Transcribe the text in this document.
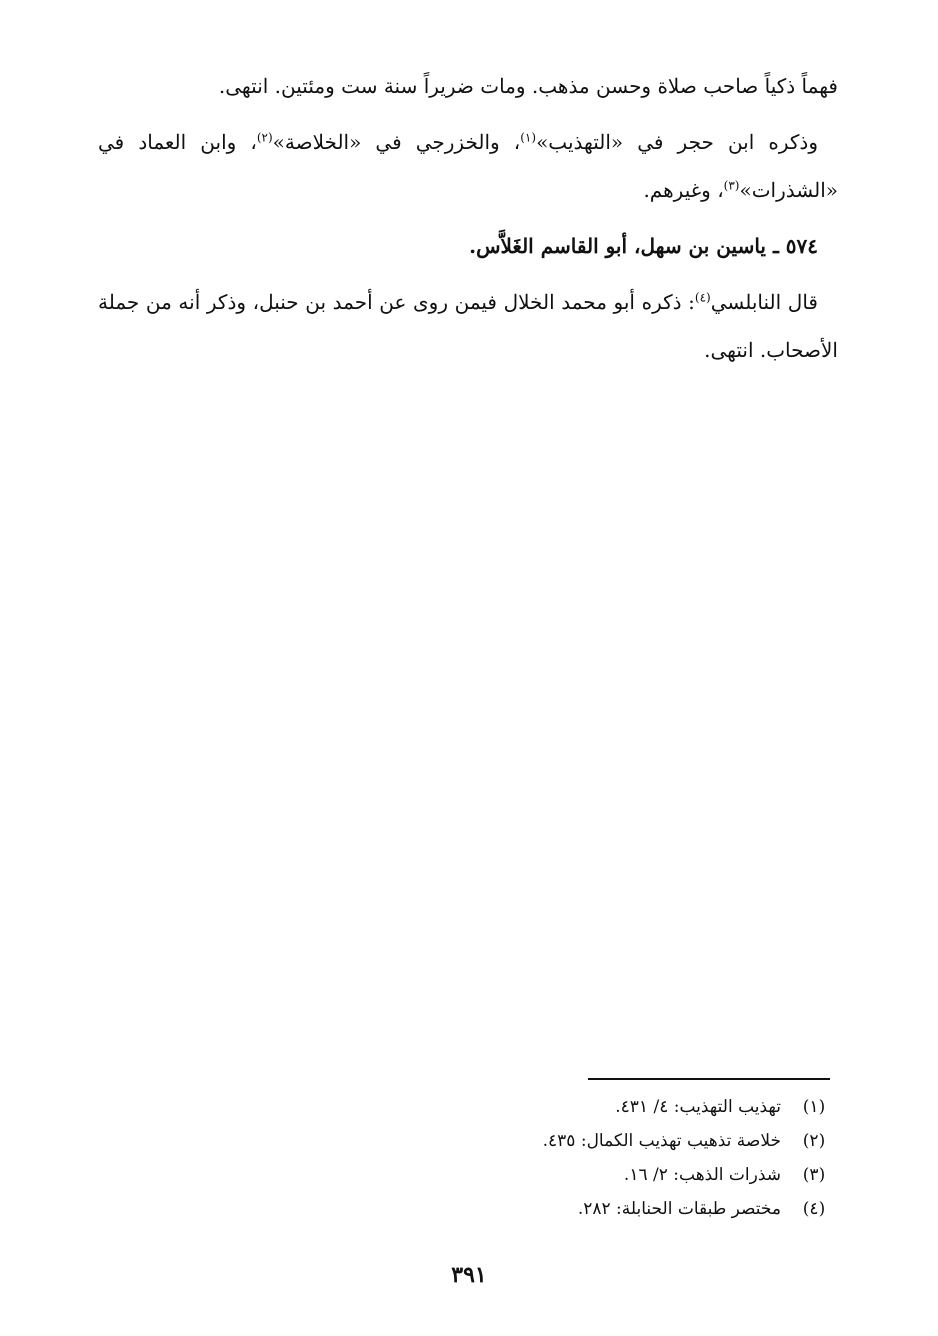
فهماً ذكياً صاحب صلاة وحسن مذهب. ومات ضريراً سنة ست ومئتين. انتهى.

وذكره ابن حجر في «التهذيب»$^{(١)}$، والخزرجي في «الخلاصة»$^{(٢)}$، وابن العماد في «الشذرات»$^{(٣)}$، وغيرهم.

٥٧٤ ـ ياسين بن سهل، أبو القاسم الغَلاَّس.

قال النابلسي$^{(٤)}$: ذكره أبو محمد الخلال فيمن روى عن أحمد بن حنبل، وذكر أنه من جملة الأصحاب. انتهى.

(١)
تهذيب التهذيب: ٤/ ٤٣١.
(٢)
خلاصة تذهيب تهذيب الكمال: ٤٣٥.
(٣)
شذرات الذهب: ٢/ ١٦.
(٤)
مختصر طبقات الحنابلة: ٢٨٢.
٣٩١
